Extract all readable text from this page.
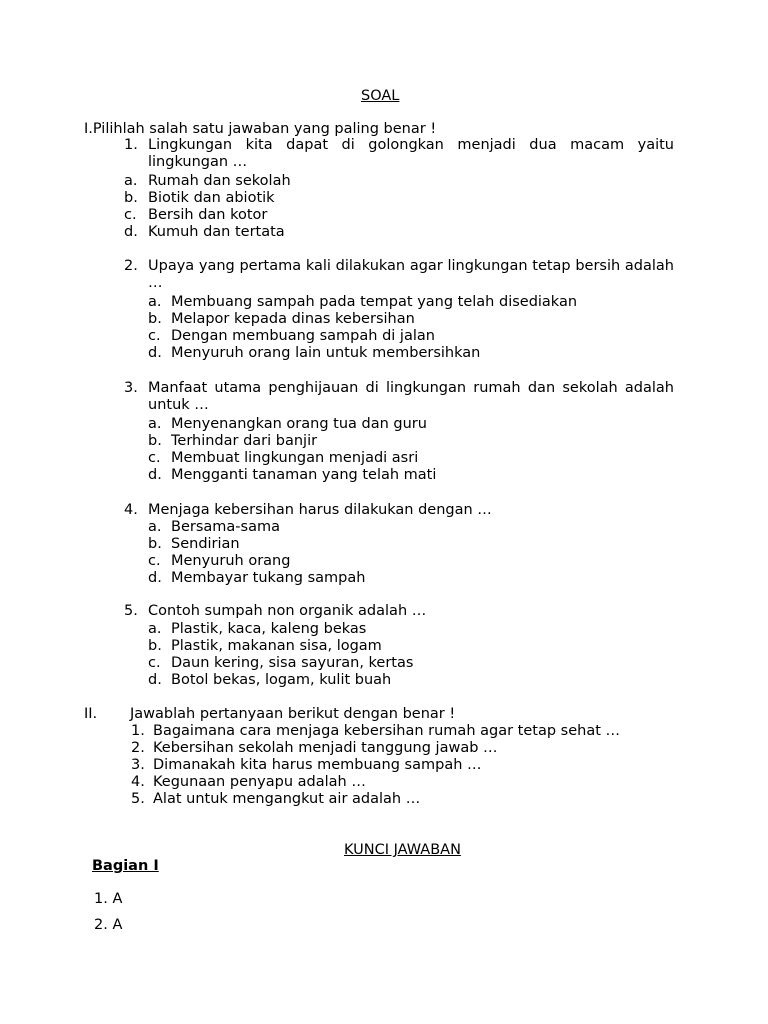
SOAL
I.Pilihlah salah satu jawaban yang paling benar !
1. Lingkungan kita dapat di golongkan menjadi dua macam yaitu lingkungan …
a. Rumah dan sekolah
b. Biotik dan abiotik
c. Bersih dan kotor
d. Kumuh dan tertata
2. Upaya yang pertama kali dilakukan agar lingkungan tetap bersih adalah …
a. Membuang sampah pada tempat yang telah disediakan
b. Melapor kepada dinas kebersihan
c. Dengan membuang sampah di jalan
d. Menyuruh orang lain untuk membersihkan
3. Manfaat utama penghijauan di lingkungan rumah dan sekolah adalah untuk …
a. Menyenangkan orang tua dan guru
b. Terhindar dari banjir
c. Membuat lingkungan menjadi asri
d. Mengganti tanaman yang telah mati
4. Menjaga kebersihan harus dilakukan dengan …
a. Bersama-sama
b. Sendirian
c. Menyuruh orang
d. Membayar tukang sampah
5. Contoh sumpah non organik adalah …
a. Plastik, kaca, kaleng bekas
b. Plastik, makanan sisa, logam
c. Daun kering, sisa sayuran, kertas
d. Botol bekas, logam, kulit buah
II. Jawablah pertanyaan berikut dengan benar !
1. Bagaimana cara menjaga kebersihan rumah agar tetap sehat …
2. Kebersihan sekolah menjadi tanggung jawab …
3. Dimanakah kita harus membuang sampah …
4. Kegunaan penyapu adalah …
5. Alat untuk mengangkut air adalah …
KUNCI JAWABAN
Bagian I
1. A
2. A
